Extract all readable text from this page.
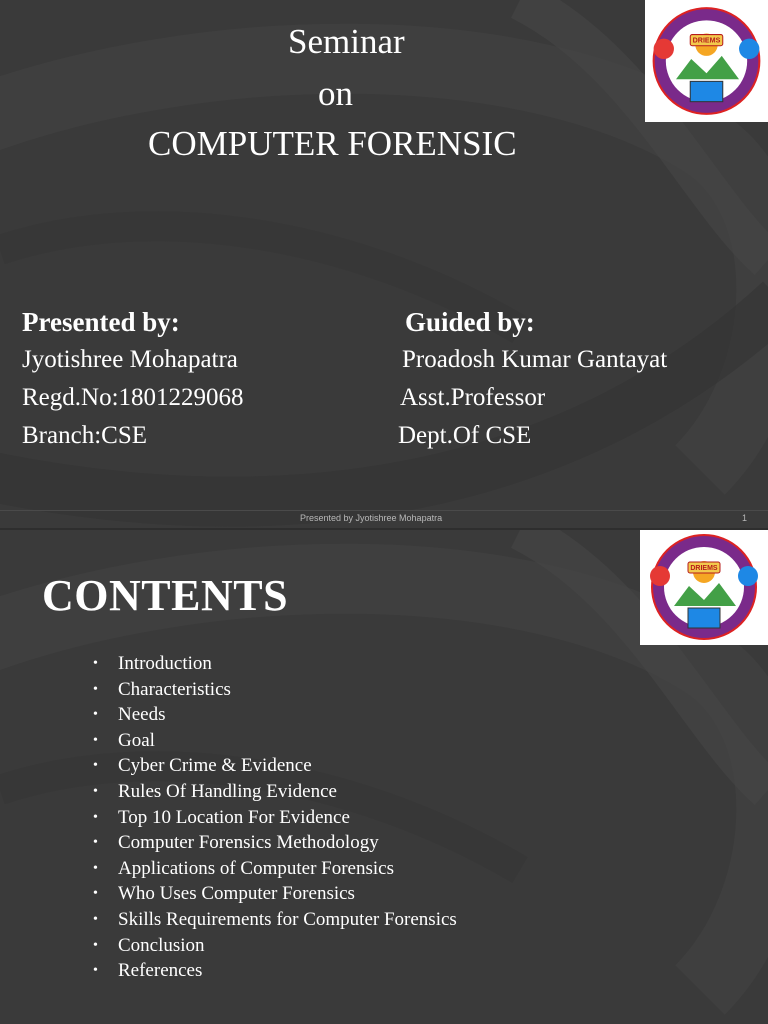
DRIEMS
Seminar
on
COMPUTER FORENSIC
Presented by:
Jyotishree Mohapatra
Regd.No:1801229068
Branch:CSE
Guided by:
Proadosh Kumar Gantayat
Asst.Professor
Dept.Of CSE
Presented by Jyotishree Mohapatra	1
DRIEMS
CONTENTS
• Introduction
• Characteristics
• Needs
• Goal
• Cyber Crime & Evidence
• Rules Of Handling Evidence
• Top 10 Location For Evidence
• Computer Forensics Methodology
• Applications of Computer Forensics
• Who Uses Computer Forensics
• Skills Requirements for Computer Forensics
• Conclusion
• References
